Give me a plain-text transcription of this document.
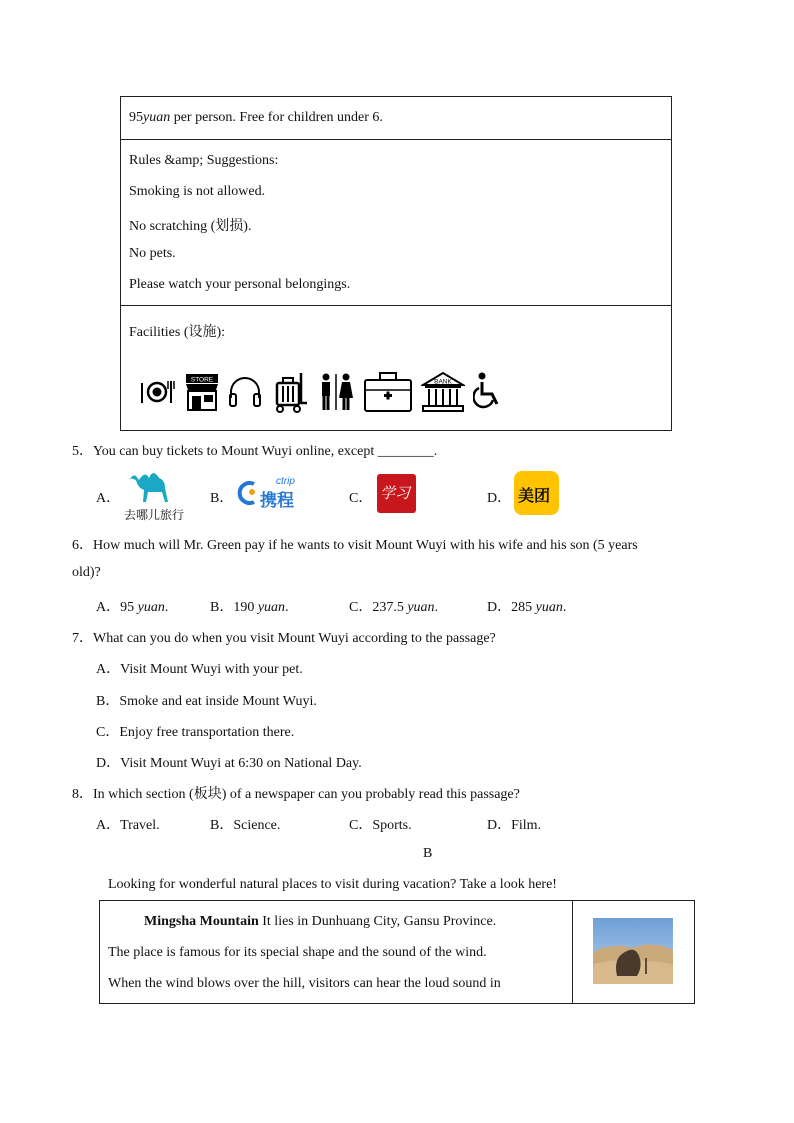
95yuan per person. Free for children under 6.
Rules &amp; Suggestions:
Smoking is not allowed.
No scratching (划损).
No pets.
Please watch your personal belongings.
Facilities (设施):
STORE	BANK
5．You can buy tickets to Mount Wuyi online, except ________.
A．
去哪儿旅行
B．
ctrip
携程	C． 学习	D． 美团
6．How much will Mr. Green pay if he wants to visit Mount Wuyi with his wife and his son (5 years
old)?
A．95 yuan.	B．190 yuan.	C．237.5 yuan.	D．285 yuan.
7．What can you do when you visit Mount Wuyi according to the passage?
A．Visit Mount Wuyi with your pet.
B．Smoke and eat inside Mount Wuyi.
C．Enjoy free transportation there.
D．Visit Mount Wuyi at 6:30 on National Day.
8．In which section (板块) of a newspaper can you probably read this passage?
A．Travel.	B．Science.	C．Sports.	D．Film.
B
Looking for wonderful natural places to visit during vacation? Take a look here!
Mingsha Mountain It lies in Dunhuang City, Gansu Province.
The place is famous for its special shape and the sound of the wind.
When the wind blows over the hill, visitors can hear the loud sound in
